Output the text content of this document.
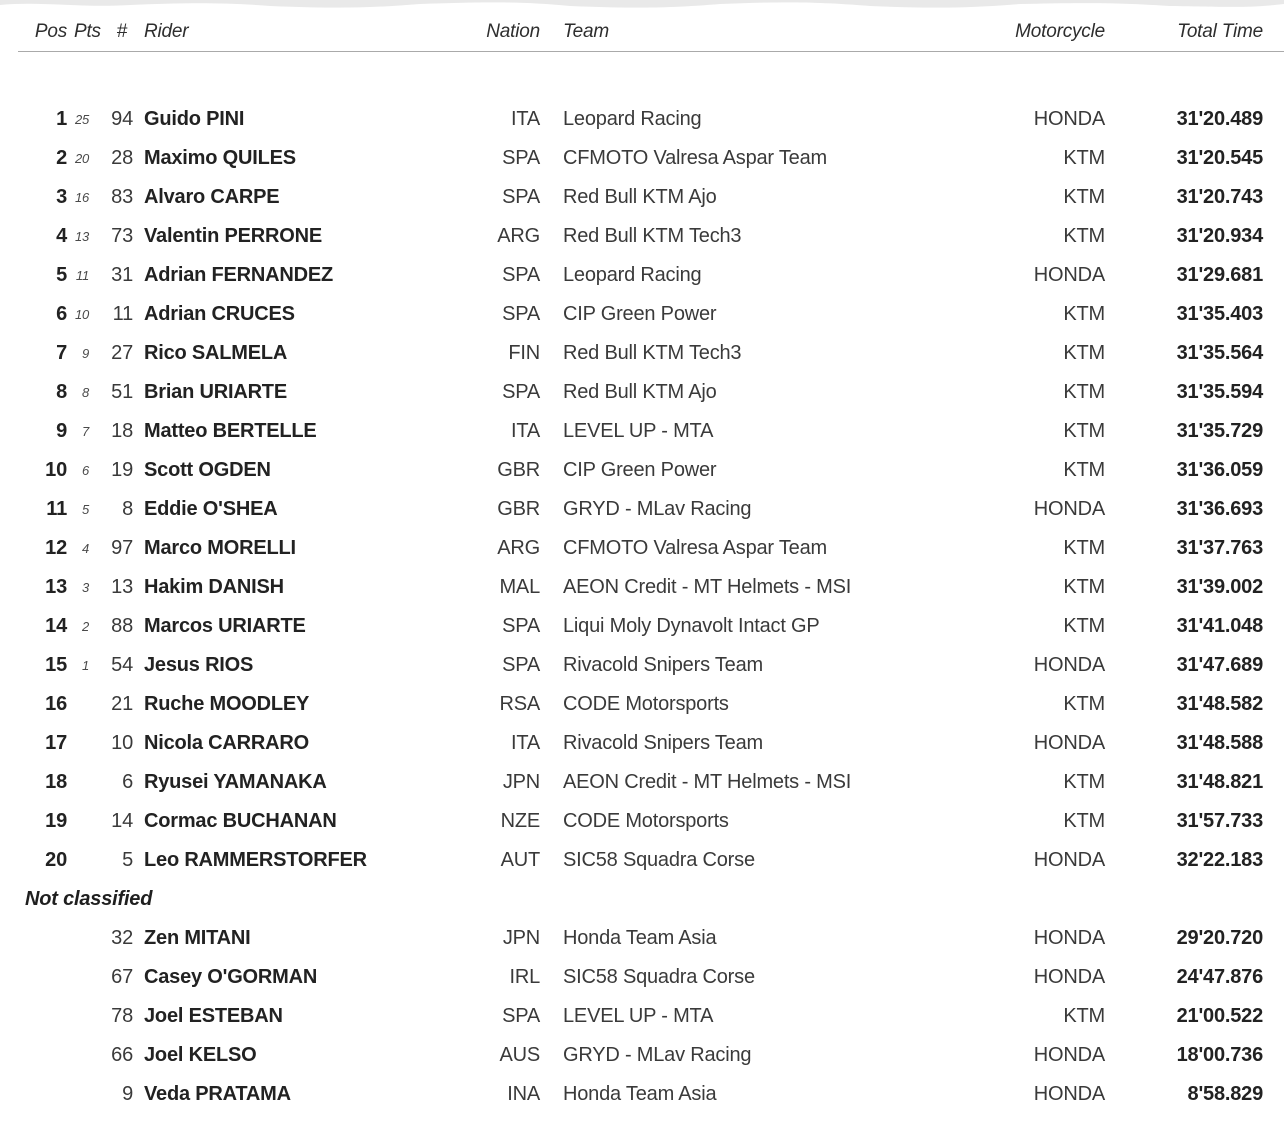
Pos Pts # Rider	Nation	Team	Motorcycle	Total Time
1 25	94 Guido PINI	ITA	Leopard Racing	HONDA	31'20.489
2 20	28 Maximo QUILES	SPA	CFMOTO Valresa Aspar Team	KTM	31'20.545
3 16	83 Alvaro CARPE	SPA	Red Bull KTM Ajo	KTM	31'20.743
4 13	73 Valentin PERRONE	ARG	Red Bull KTM Tech3	KTM	31'20.934
5 11	31 Adrian FERNANDEZ	SPA	Leopard Racing	HONDA	31'29.681
6 10	11 Adrian CRUCES	SPA	CIP Green Power	KTM	31'35.403
7	9	27 Rico SALMELA	FIN	Red Bull KTM Tech3	KTM	31'35.564
8	8	51 Brian URIARTE	SPA	Red Bull KTM Ajo	KTM	31'35.594
9	7	18 Matteo BERTELLE	ITA	LEVEL UP - MTA	KTM	31'35.729
10	6	19 Scott OGDEN	GBR	CIP Green Power	KTM	31'36.059
11	5	8 Eddie O'SHEA	GBR	GRYD - MLav Racing	HONDA	31'36.693
12	4	97 Marco MORELLI	ARG	CFMOTO Valresa Aspar Team	KTM	31'37.763
13	3	13 Hakim DANISH	MAL	AEON Credit - MT Helmets - MSI	KTM	31'39.002
14	2	88 Marcos URIARTE	SPA	Liqui Moly Dynavolt Intact GP	KTM	31'41.048
15	1	54 Jesus RIOS	SPA	Rivacold Snipers Team	HONDA	31'47.689
16	21 Ruche MOODLEY	RSA	CODE Motorsports	KTM	31'48.582
17	10 Nicola CARRARO	ITA	Rivacold Snipers Team	HONDA	31'48.588
18	6 Ryusei YAMANAKA	JPN	AEON Credit - MT Helmets - MSI	KTM	31'48.821
19	14 Cormac BUCHANAN	NZE	CODE Motorsports	KTM	31'57.733
20	5 Leo RAMMERSTORFER	AUT	SIC58 Squadra Corse	HONDA	32'22.183
Not classified
32 Zen MITANI	JPN	Honda Team Asia	HONDA	29'20.720
67 Casey O'GORMAN	IRL	SIC58 Squadra Corse	HONDA	24'47.876
78 Joel ESTEBAN	SPA	LEVEL UP - MTA	KTM	21'00.522
66 Joel KELSO	AUS	GRYD - MLav Racing	HONDA	18'00.736
9 Veda PRATAMA	INA	Honda Team Asia	HONDA	8'58.829
